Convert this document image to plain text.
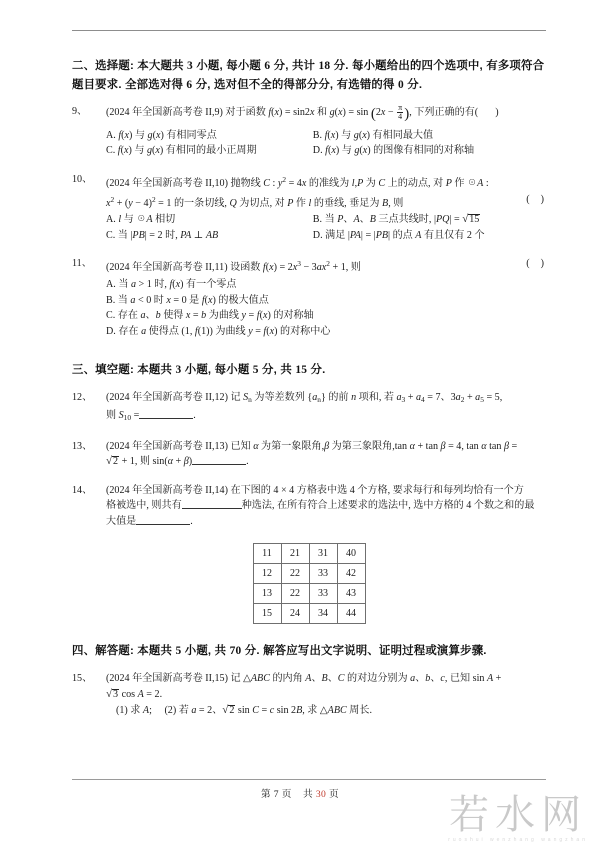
二、选择题: 本大题共 3 小题, 每小题 6 分, 共计 18 分. 每小题给出的四个选项中, 有多项符合题目要求. 全部选对得 6 分, 选对但不全的得部分分, 有选错的得 0 分.
9、	(2024 年全国新高考卷 II,9) 对于函数 f(x) = sin2x 和 $g(x) = \sin (2x - \frac{\pi}{4}$ ), 下列正确的有( )
A. f(x) 与 g(x) 有相同零点	B. f(x) 与 g(x) 有相同最大值
C. f(x) 与 g(x) 有相同的最小正周期	D. f(x) 与 g(x) 的图像有相同的对称轴
10、	(2024 年全国新高考卷 II,10) 抛物线 C : $y^2 = 4x$ 的准线为 l,P 为 C 上的动点, 对 P 作 ☉A :
$x^2 + (y - 4)^2 = 1$ 的一条切线, Q 为切点, 对 P 作 l 的垂线, 垂足为 B, 则	(  )
A. l 与 ☉A 相切	B. 当 P、A、B 三点共线时, |PQ| = √15
C. 当 |PB| = 2 时, PA ⊥ AB	D. 满足 |PA| = |PB| 的点 A 有且仅有 2 个
11、	(2024 年全国新高考卷 II,11) 设函数 $f(x) = 2x^3 - 3ax^2 + 1$, 则	(  )
A. 当 a > 1 时, f(x) 有一个零点
B. 当 a < 0 时 x = 0 是 f(x) 的极大值点
C. 存在 a、b 使得 x = b 为曲线 y = f(x) 的对称轴
D. 存在 a 使得点 (1, f(1)) 为曲线 y = f(x) 的对称中心
三、填空题: 本题共 3 小题, 每小题 5 分, 共 15 分.
12、	(2024 年全国新高考卷 II,12) 记 $S_n$ 为等差数列 $\{a_n\}$ 的前 n 项和, 若 $a_3 + a_4 = 7$、$3a_2 + a_5 = 5$,
则 $S_{10}$ =	.
13、	(2024 年全国新高考卷 II,13) 已知 α 为第一象限角,β 为第三象限角,tan α + tan β = 4, tan α tan β =
√2 + 1, 则 sin(α + β)	.
14、	(2024 年全国新高考卷 II,14) 在下图的 4 × 4 方格表中选 4 个方格, 要求每行和每列均恰有一个方
格被选中, 则共有	种选法, 在所有符合上述要求的选法中, 选中方格的 4 个数之和的最
大值是	.
11	21	31	40
12	22	33	42
13	22	33	43
15	24	34	44
四、解答题: 本题共 5 小题, 共 70 分. 解答应写出文字说明、证明过程或演算步骤.
15、	(2024 年全国新高考卷 II,15) 记 △ABC 的内角 A、B、C 的对边分别为 a、b、c, 已知 sin A +
√3 cos A = 2.
(1) 求 A; (2) 若 a = 2、√2 sin C = c sin 2B, 求 △ABC 周长.
第 7 页 共 30 页	若水网
ruoshui wenzhang wangzhan
